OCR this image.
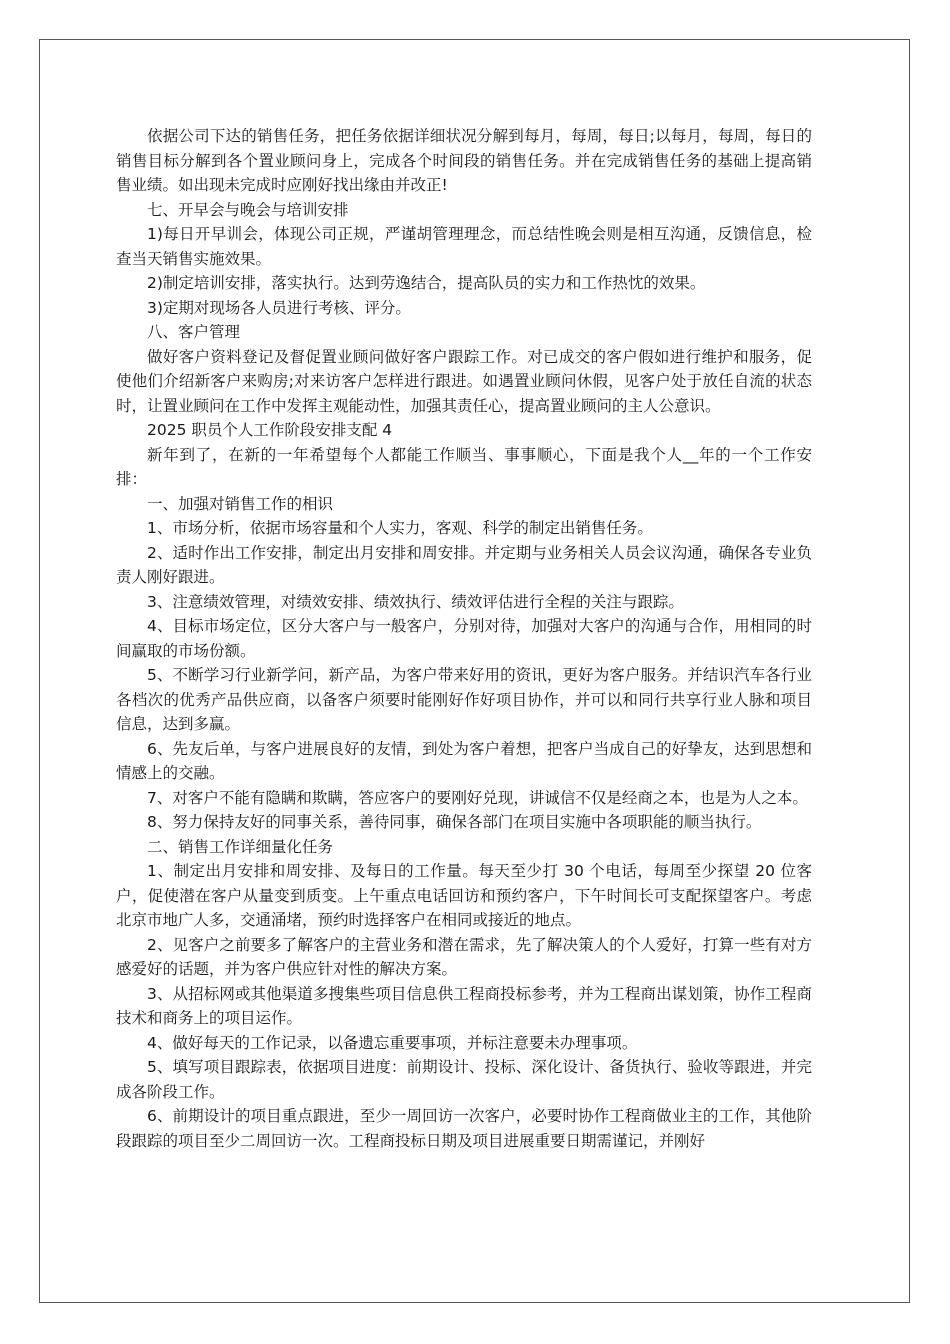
依据公司下达的销售任务，把任务依据详细状况分解到每月，每周，每日;以每月，每周，每日的销售目标分解到各个置业顾问身上，完成各个时间段的销售任务。并在完成销售任务的基础上提高销售业绩。如出现未完成时应刚好找出缘由并改正!

七、开早会与晚会与培训安排

1)每日开早训会，体现公司正规，严谨胡管理理念，而总结性晚会则是相互沟通，反馈信息，检查当天销售实施效果。

2)制定培训安排，落实执行。达到劳逸结合，提高队员的实力和工作热忱的效果。

3)定期对现场各人员进行考核、评分。

八、客户管理

做好客户资料登记及督促置业顾问做好客户跟踪工作。对已成交的客户假如进行维护和服务，促使他们介绍新客户来购房;对来访客户怎样进行跟进。如遇置业顾问休假，见客户处于放任自流的状态时，让置业顾问在工作中发挥主观能动性，加强其责任心，提高置业顾问的主人公意识。

2025 职员个人工作阶段安排支配 4

新年到了，在新的一年希望每个人都能工作顺当、事事顺心，下面是我个人__年的一个工作安排：

一、加强对销售工作的相识

1、市场分析，依据市场容量和个人实力，客观、科学的制定出销售任务。

2、适时作出工作安排，制定出月安排和周安排。并定期与业务相关人员会议沟通，确保各专业负责人刚好跟进。

3、注意绩效管理，对绩效安排、绩效执行、绩效评估进行全程的关注与跟踪。

4、目标市场定位，区分大客户与一般客户，分别对待，加强对大客户的沟通与合作，用相同的时间赢取的市场份额。

5、不断学习行业新学问，新产品，为客户带来好用的资讯，更好为客户服务。并结识汽车各行业各档次的优秀产品供应商，以备客户须要时能刚好作好项目协作，并可以和同行共享行业人脉和项目信息，达到多赢。

6、先友后单，与客户进展良好的友情，到处为客户着想，把客户当成自己的好挚友，达到思想和情感上的交融。

7、对客户不能有隐瞒和欺瞒，答应客户的要刚好兑现，讲诚信不仅是经商之本，也是为人之本。

8、努力保持友好的同事关系，善待同事，确保各部门在项目实施中各项职能的顺当执行。

二、销售工作详细量化任务

1、制定出月安排和周安排、及每日的工作量。每天至少打 30 个电话，每周至少探望 20 位客户，促使潜在客户从量变到质变。上午重点电话回访和预约客户，下午时间长可支配探望客户。考虑北京市地广人多，交通涌堵，预约时选择客户在相同或接近的地点。

2、见客户之前要多了解客户的主营业务和潜在需求，先了解决策人的个人爱好，打算一些有对方感爱好的话题，并为客户供应针对性的解决方案。

3、从招标网或其他渠道多搜集些项目信息供工程商投标参考，并为工程商出谋划策，协作工程商技术和商务上的项目运作。

4、做好每天的工作记录，以备遗忘重要事项，并标注意要未办理事项。

5、填写项目跟踪表，依据项目进度：前期设计、投标、深化设计、备货执行、验收等跟进，并完成各阶段工作。

6、前期设计的项目重点跟进，至少一周回访一次客户，必要时协作工程商做业主的工作，其他阶段跟踪的项目至少二周回访一次。工程商投标日期及项目进展重要日期需谨记，并刚好
